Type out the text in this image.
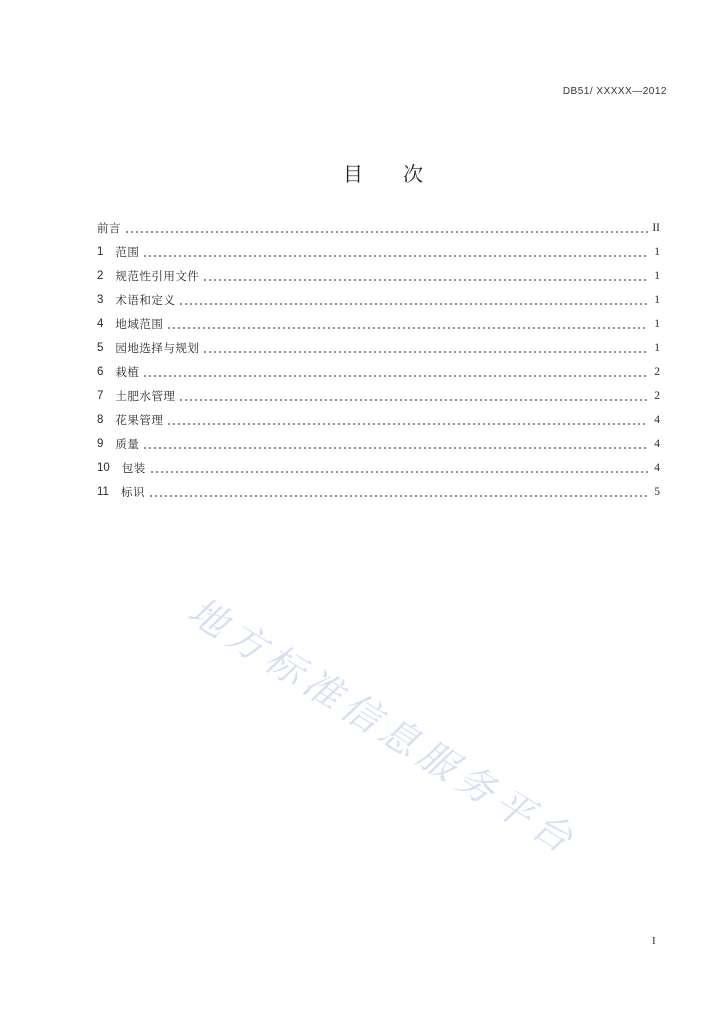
DB51/ XXXXX—2012
目　次
前言	II
1 范围	1
2 规范性引用文件	1
3 术语和定义	1
4 地域范围	1
5 园地选择与规划	1
6 栽植	2
7 土肥水管理	2
8 花果管理	4
9 质量	4
10 包装	4
11 标识	5
地方标准信息服务平台
I
